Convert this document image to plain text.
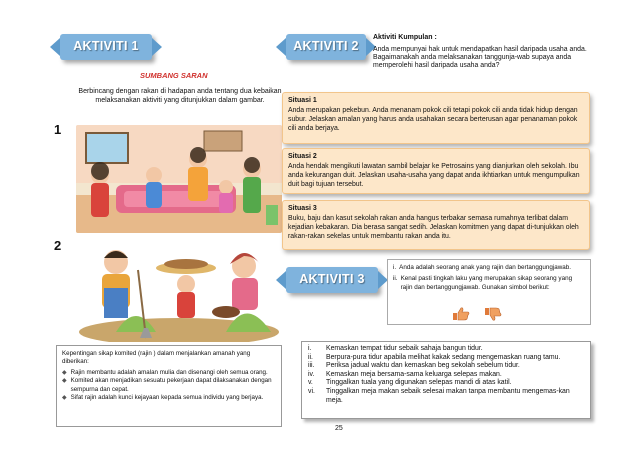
AKTIVITI 1
SUMBANG SARAN
Berbincang dengan rakan di hadapan anda tentang dua kebaikan melaksanakan aktiviti yang ditunjukkan dalam gambar.
1
2
Kepentingan sikap komited (rajin ) dalam menjalankan amanah yang diberikan:
◆ Rajin membantu adalah amalan mulia dan disenangi oleh semua orang.
◆ Komited akan menjadikan sesuatu pekerjaan dapat dilaksanakan dengan sempurna dan cepat.
◆ Sifat rajin adalah kunci kejayaan kepada semua individu yang berjaya.
AKTIVITI 2
Aktiviti Kumpulan :
Anda mempunyai hak untuk mendapatkan hasil daripada usaha anda. Bagaimanakah anda melaksanakan tanggunja-wab supaya anda memperolehi hasil daripada usaha anda?
Situasi 1
Anda merupakan pekebun. Anda menanam pokok cili tetapi pokok cili anda tidak hidup dengan subur. Jelaskan amalan yang harus anda usahakan secara berterusan agar penanaman pokok cili anda berjaya.
Situasi 2
Anda hendak mengikuti lawatan sambil belajar ke Petrosains yang dianjurkan oleh sekolah. Ibu anda kekurangan duit. Jelaskan usaha-usaha yang dapat anda ikhtiarkan untuk mengumpulkan duit bagi tujuan tersebut.
Situasi 3
Buku, baju dan kasut sekolah rakan anda hangus terbakar semasa rumahnya terlibat dalam kejadian kebakaran. Dia berasa sangat sedih. Jelaskan komitmen yang dapat di-tunjukkan oleh rakan-rakan sekelas untuk membantu rakan anda itu.
AKTIVITI 3
i. Anda adalah seorang anak yang rajin dan bertanggungjawab.
ii. Kenal pasti tingkah laku yang merupakan sikap seorang yang rajin dan bertanggungjawab. Gunakan simbol berikut:
i.	Kemaskan tempat tidur sebaik sahaja bangun tidur.
ii.	Berpura-pura tidur apabila melihat kakak sedang mengemaskan ruang tamu.
iii.	Periksa jadual waktu dan kemaskan beg sekolah sebelum tidur.
iv.	Kemaskan meja bersama-sama keluarga selepas makan.
v.	Tinggalkan tuala yang digunakan selepas mandi di atas katil.
vi.	Tinggalkan meja makan sebaik selesai makan tanpa membantu mengemas-kan meja.
25
